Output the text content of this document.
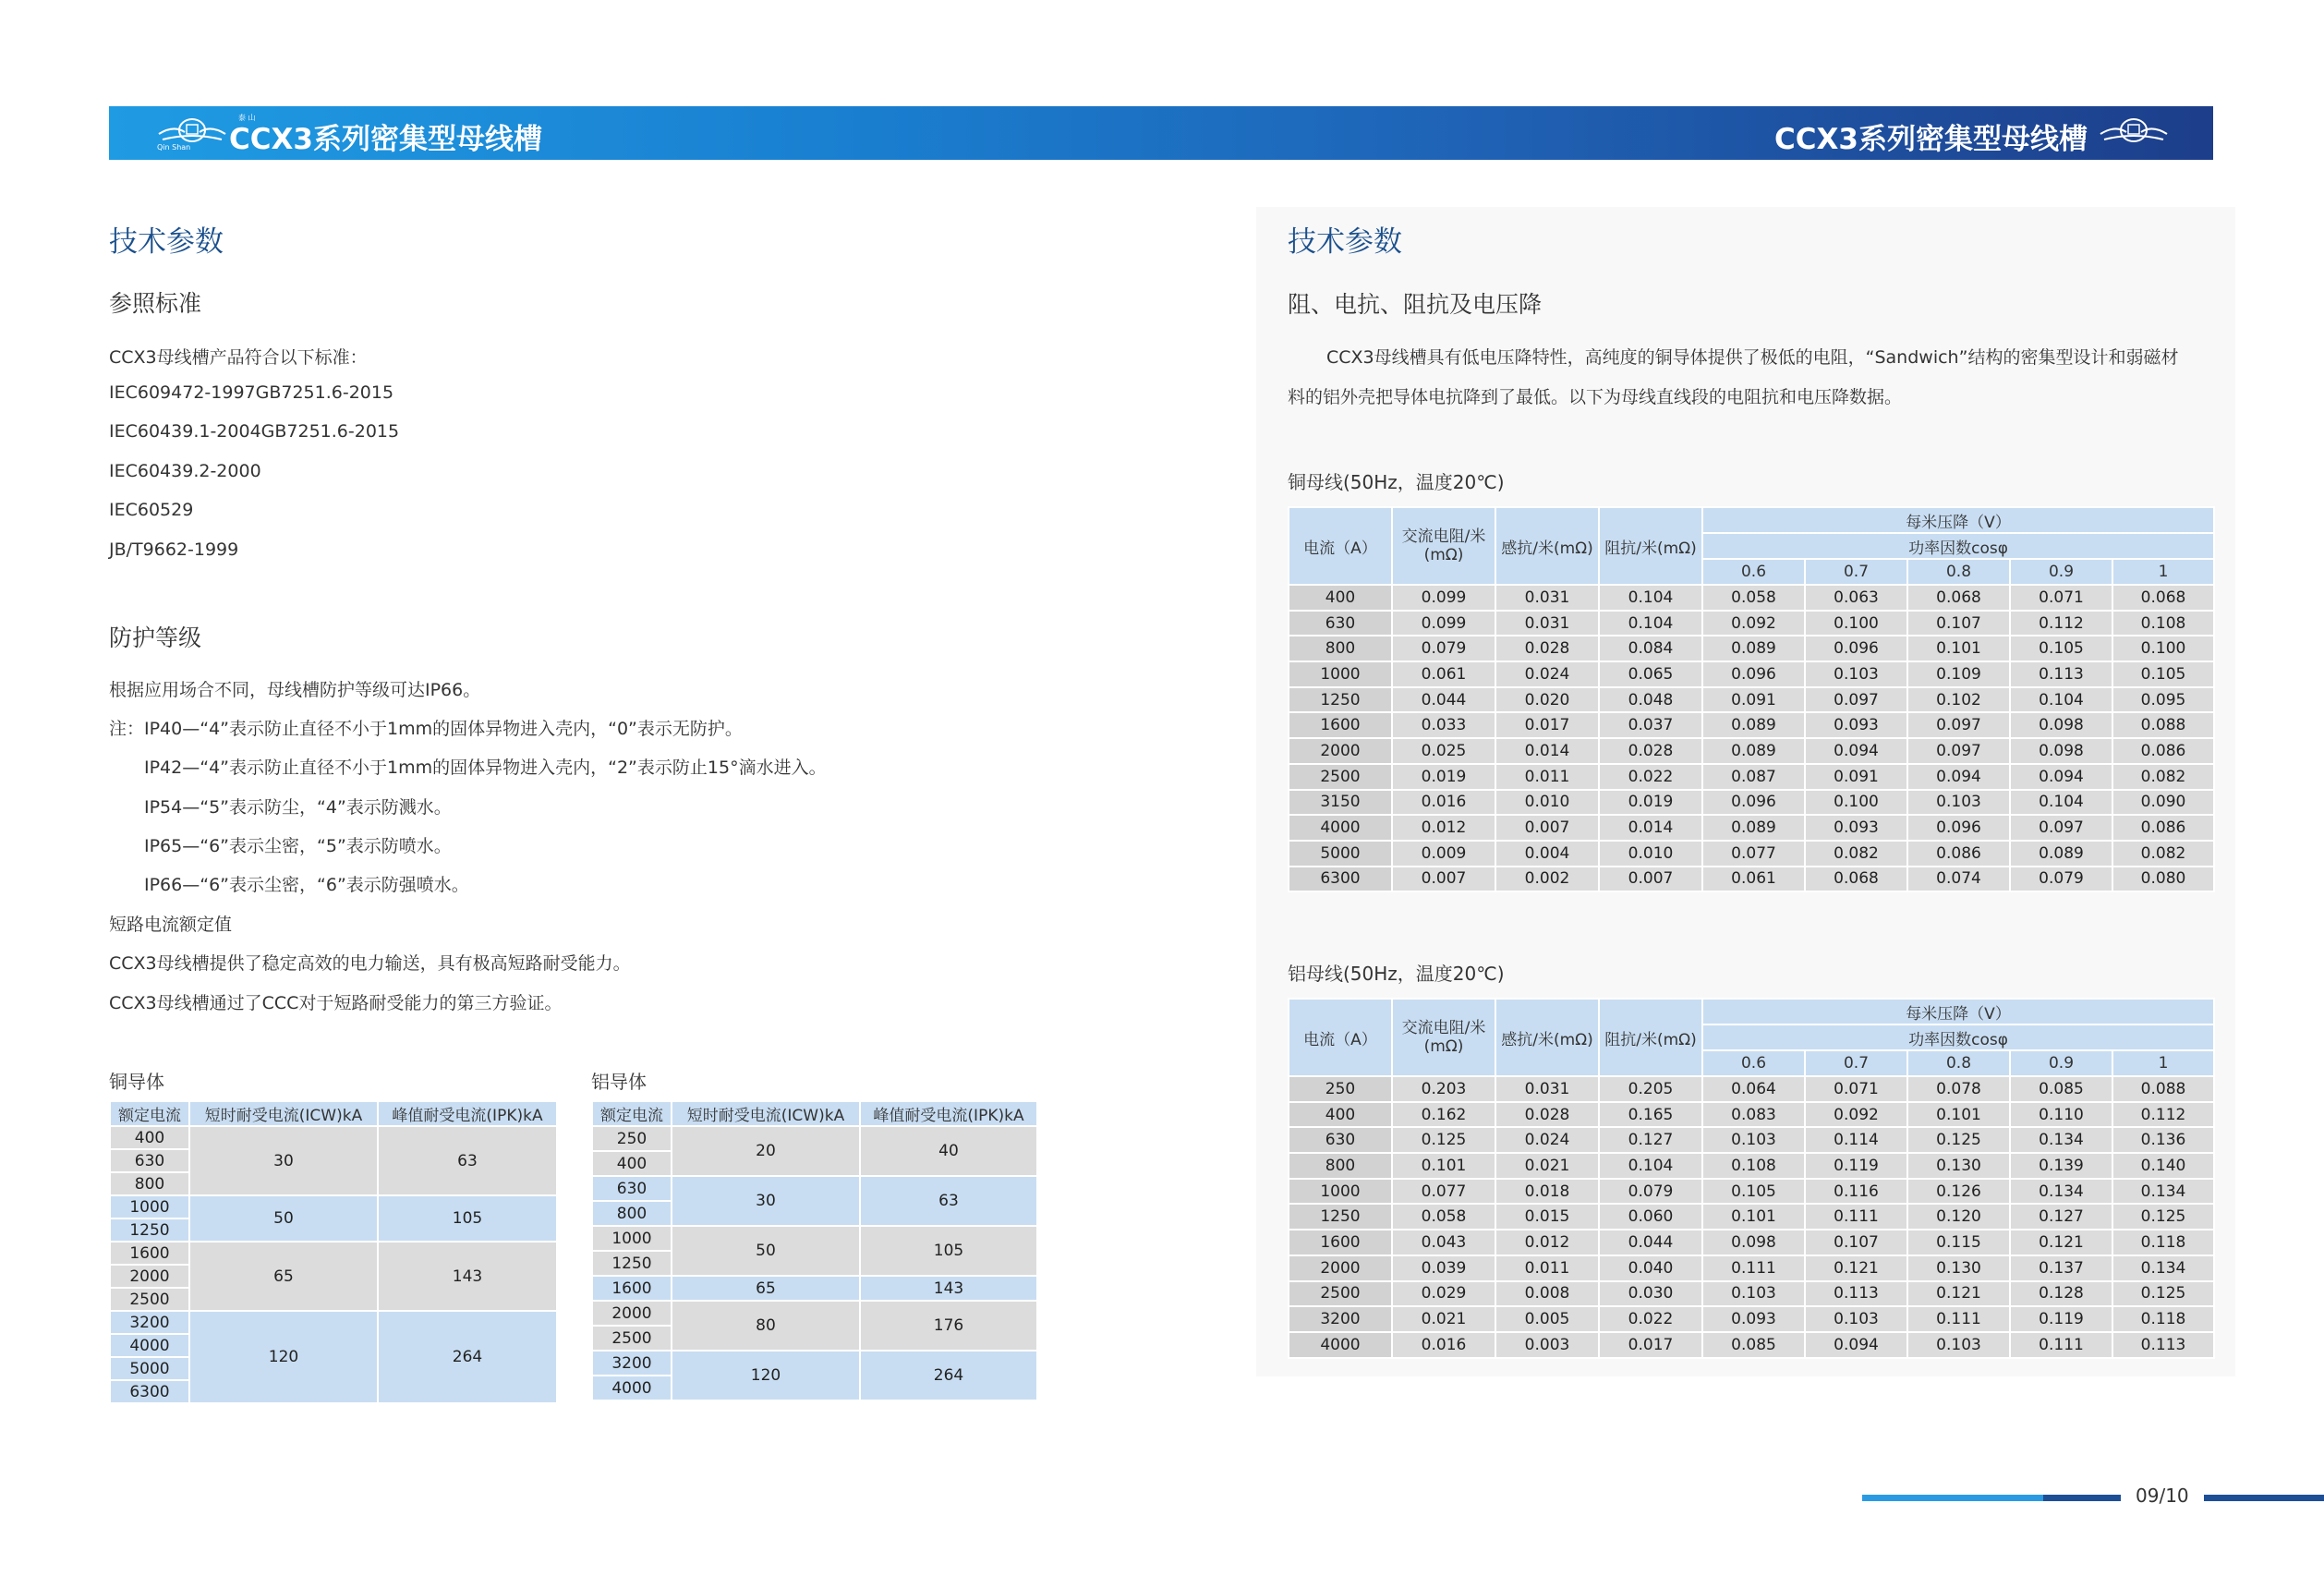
泰 山
Qin Shan CCX3系列密集型母线槽	CCX3系列密集型母线槽
技术参数
参照标准
CCX3母线槽产品符合以下标准：
IEC609472-1997GB7251.6-2015
IEC60439.1-2004GB7251.6-2015
IEC60439.2-2000
IEC60529
JB/T9662-1999
防护等级
根据应用场合不同，母线槽防护等级可达IP66。
注：IP40—“4”表示防止直径不小于1mm的固体异物进入壳内，“0”表示无防护。
IP42—“4”表示防止直径不小于1mm的固体异物进入壳内，“2”表示防止15°滴水进入。
IP54—“5”表示防尘，“4”表示防溅水。
IP65—“6”表示尘密，“5”表示防喷水。
IP66—“6”表示尘密，“6”表示防强喷水。
短路电流额定值
CCX3母线槽提供了稳定高效的电力输送，具有极高短路耐受能力。
CCX3母线槽通过了CCC对于短路耐受能力的第三方验证。
铜导体
额定电流	短时耐受电流(ICW)kA	峰值耐受电流(IPK)kA
400	30	63
630		
800		
1000	50	105
1250		
1600	65	143
2000		
2500		
3200	120	264
4000		
5000		
6300		
铝导体
额定电流	短时耐受电流(ICW)kA	峰值耐受电流(IPK)kA
250	20	40
400		
630	30	63
800		
1000	50	105
1250		
1600	65	143
2000	80	176
2500		
3200	120	264
4000		
技术参数
阻、电抗、阻抗及电压降
CCX3母线槽具有低电压降特性，高纯度的铜导体提供了极低的电阻，“Sandwich”结构的密集型设计和弱磁材
料的铝外壳把导体电抗降到了最低。以下为母线直线段的电阻抗和电压降数据。
铜母线(50Hz，温度20℃)
电流（A）	交流电阻/米(mΩ)	感抗/米(mΩ)	阻抗/米(mΩ)	每米压降（V）				
				功率因数cosφ				
				0.6	0.7	0.8	0.9	1
400	0.099	0.031	0.104	0.058	0.063	0.068	0.071	0.068
630	0.099	0.031	0.104	0.092	0.100	0.107	0.112	0.108
800	0.079	0.028	0.084	0.089	0.096	0.101	0.105	0.100
1000	0.061	0.024	0.065	0.096	0.103	0.109	0.113	0.105
1250	0.044	0.020	0.048	0.091	0.097	0.102	0.104	0.095
1600	0.033	0.017	0.037	0.089	0.093	0.097	0.098	0.088
2000	0.025	0.014	0.028	0.089	0.094	0.097	0.098	0.086
2500	0.019	0.011	0.022	0.087	0.091	0.094	0.094	0.082
3150	0.016	0.010	0.019	0.096	0.100	0.103	0.104	0.090
4000	0.012	0.007	0.014	0.089	0.093	0.096	0.097	0.086
5000	0.009	0.004	0.010	0.077	0.082	0.086	0.089	0.082
6300	0.007	0.002	0.007	0.061	0.068	0.074	0.079	0.080
铝母线(50Hz，温度20℃)
电流（A）	交流电阻/米(mΩ)	感抗/米(mΩ)	阻抗/米(mΩ)	每米压降（V）				
				功率因数cosφ				
				0.6	0.7	0.8	0.9	1
250	0.203	0.031	0.205	0.064	0.071	0.078	0.085	0.088
400	0.162	0.028	0.165	0.083	0.092	0.101	0.110	0.112
630	0.125	0.024	0.127	0.103	0.114	0.125	0.134	0.136
800	0.101	0.021	0.104	0.108	0.119	0.130	0.139	0.140
1000	0.077	0.018	0.079	0.105	0.116	0.126	0.134	0.134
1250	0.058	0.015	0.060	0.101	0.111	0.120	0.127	0.125
1600	0.043	0.012	0.044	0.098	0.107	0.115	0.121	0.118
2000	0.039	0.011	0.040	0.111	0.121	0.130	0.137	0.134
2500	0.029	0.008	0.030	0.103	0.113	0.121	0.128	0.125
3200	0.021	0.005	0.022	0.093	0.103	0.111	0.119	0.118
4000	0.016	0.003	0.017	0.085	0.094	0.103	0.111	0.113
09/10
